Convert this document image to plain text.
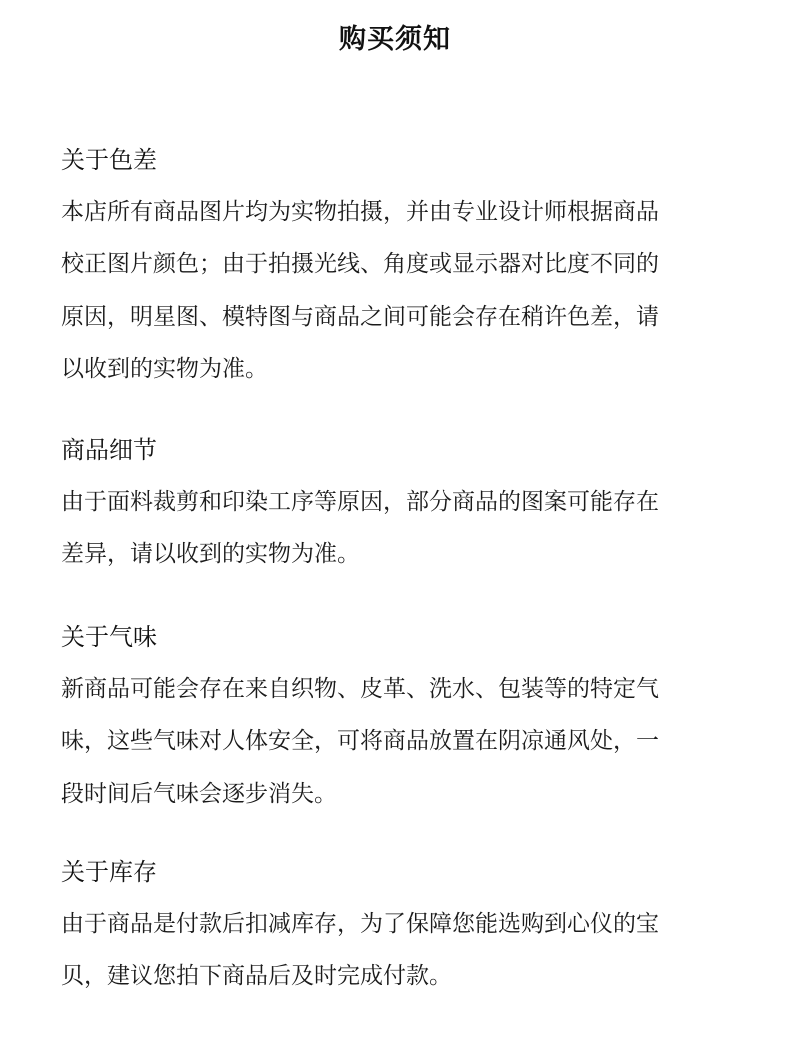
购买须知
关于色差
本店所有商品图片均为实物拍摄，并由专业设计师根据商品
校正图片颜色；由于拍摄光线、角度或显示器对比度不同的
原因，明星图、模特图与商品之间可能会存在稍许色差，请
以收到的实物为准。
商品细节
由于面料裁剪和印染工序等原因，部分商品的图案可能存在
差异，请以收到的实物为准。
关于气味
新商品可能会存在来自织物、皮革、洗水、包装等的特定气
味，这些气味对人体安全，可将商品放置在阴凉通风处，一
段时间后气味会逐步消失。
关于库存
由于商品是付款后扣减库存，为了保障您能选购到心仪的宝
贝，建议您拍下商品后及时完成付款。
